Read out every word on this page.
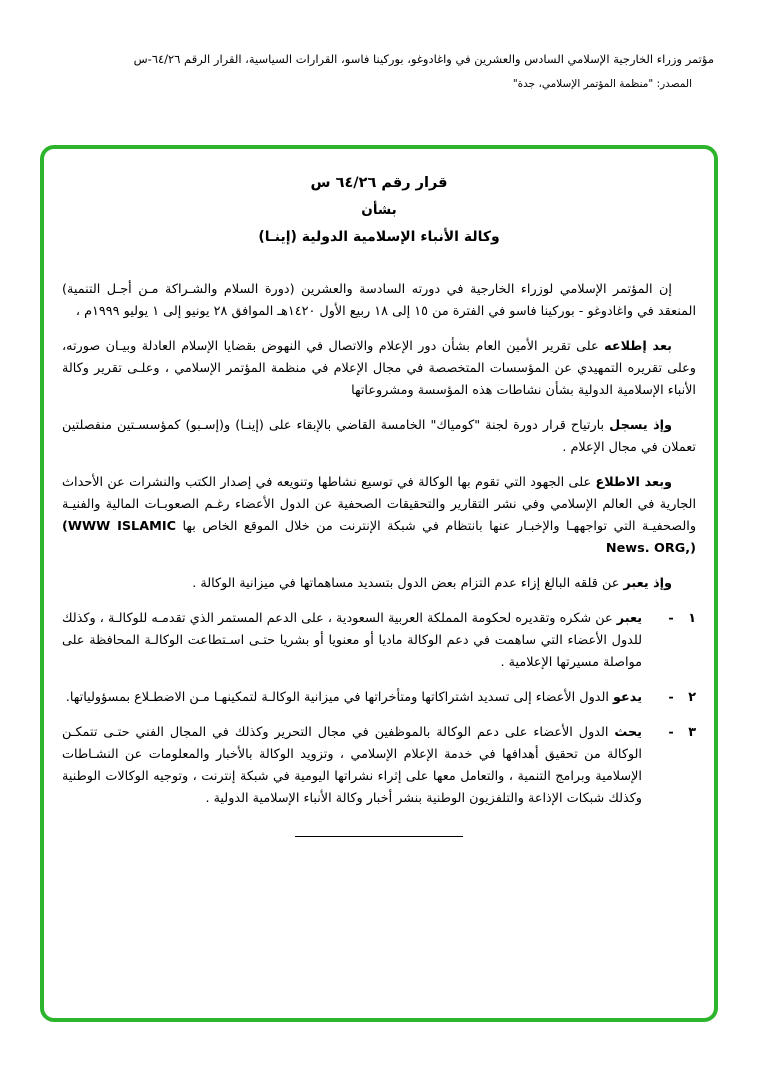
مؤتمر وزراء الخارجية الإسلامي السادس والعشرين في واغادوغو، بوركينا فاسو، القرارات السياسية، القرار الرقم ٦٤/٢٦-س
المصدر: "منظمة المؤتمر الإسلامي، جدة"
قرار رقم ٦٤/٢٦ س
بشأن
وكالة الأنباء الإسلامية الدولية (إينـا)

إن المؤتمر الإسلامي لوزراء الخارجية في دورته السادسة والعشرين (دورة السلام والشـراكة مـن أجـل التنمية) المنعقد في واغادوغو - بوركينا فاسو في الفترة من ١٥ إلى ١٨ ربيع الأول ١٤٢٠هـ الموافق ٢٨ يونيو إلى ١ يوليو ١٩٩٩م ،

بعد إطلاعه على تقرير الأمين العام بشأن دور الإعلام والاتصال في النهوض بقضايا الإسلام العادلة وبيـان صورته، وعلى تقريره التمهيدي عن المؤسسات المتخصصة في مجال الإعلام في منظمة المؤتمر الإسلامي ، وعلـى تقرير وكالة الأنباء الإسلامية الدولية بشأن نشاطات هذه المؤسسة ومشروعاتها

وإذ يسجل بارتياح قرار دورة لجنة "كومياك" الخامسة القاضي بالإبقاء على (إينـا) و(إسـبو) كمؤسسـتين منفصلتين تعملان في مجال الإعلام .

وبعد الاطلاع على الجهود التي تقوم بها الوكالة في توسيع نشاطها وتنويعه في إصدار الكتب والنشرات عن الأحداث الجارية في العالم الإسلامي وفي نشر التقارير والتحقيقات الصحفية عن الدول الأعضاء رغـم الصعوبـات المالية والفنيـة والصحفيـة التي تواجههـا والإخبـار عنها بانتظام في شبكة الإنترنت من خلال الموقع الخاص بها (WWW ISLAMIC News. ORG,)

وإذ يعبر عن قلقه البالغ إزاء عدم التزام بعض الدول بتسديد مساهماتها في ميزانية الوكالة .

١ -

يعبر عن شكره وتقديره لحكومة المملكة العربية السعودية ، على الدعم المستمر الذي تقدمـه للوكالـة ، وكذلك للدول الأعضاء التي ساهمت في دعم الوكالة ماديا أو معنويا أو بشريا حتـى اسـتطاعت الوكالـة المحافظة على مواصلة مسيرتها الإعلامية .

٢ -

يدعو الدول الأعضاء إلى تسديد اشتراكاتها ومتأخراتها في ميزانية الوكالـة لتمكينهـا مـن الاضطـلاع بمسؤولياتها.

٣ -

يحث الدول الأعضاء على دعم الوكالة بالموظفين في مجال التحرير وكذلك في المجال الفني حتـى تتمكـن الوكالة من تحقيق أهدافها في خدمة الإعلام الإسلامي ، وتزويد الوكالة بالأخبار والمعلومات عن النشـاطات الإسلامية وبرامج التنمية ، والتعامل معها على إثراء نشراتها اليومية في شبكة إنترنت ، وتوجيه الوكالات الوطنية وكذلك شبكات الإذاعة والتلفزيون الوطنية بنشر أخبار وكالة الأنباء الإسلامية الدولية .
